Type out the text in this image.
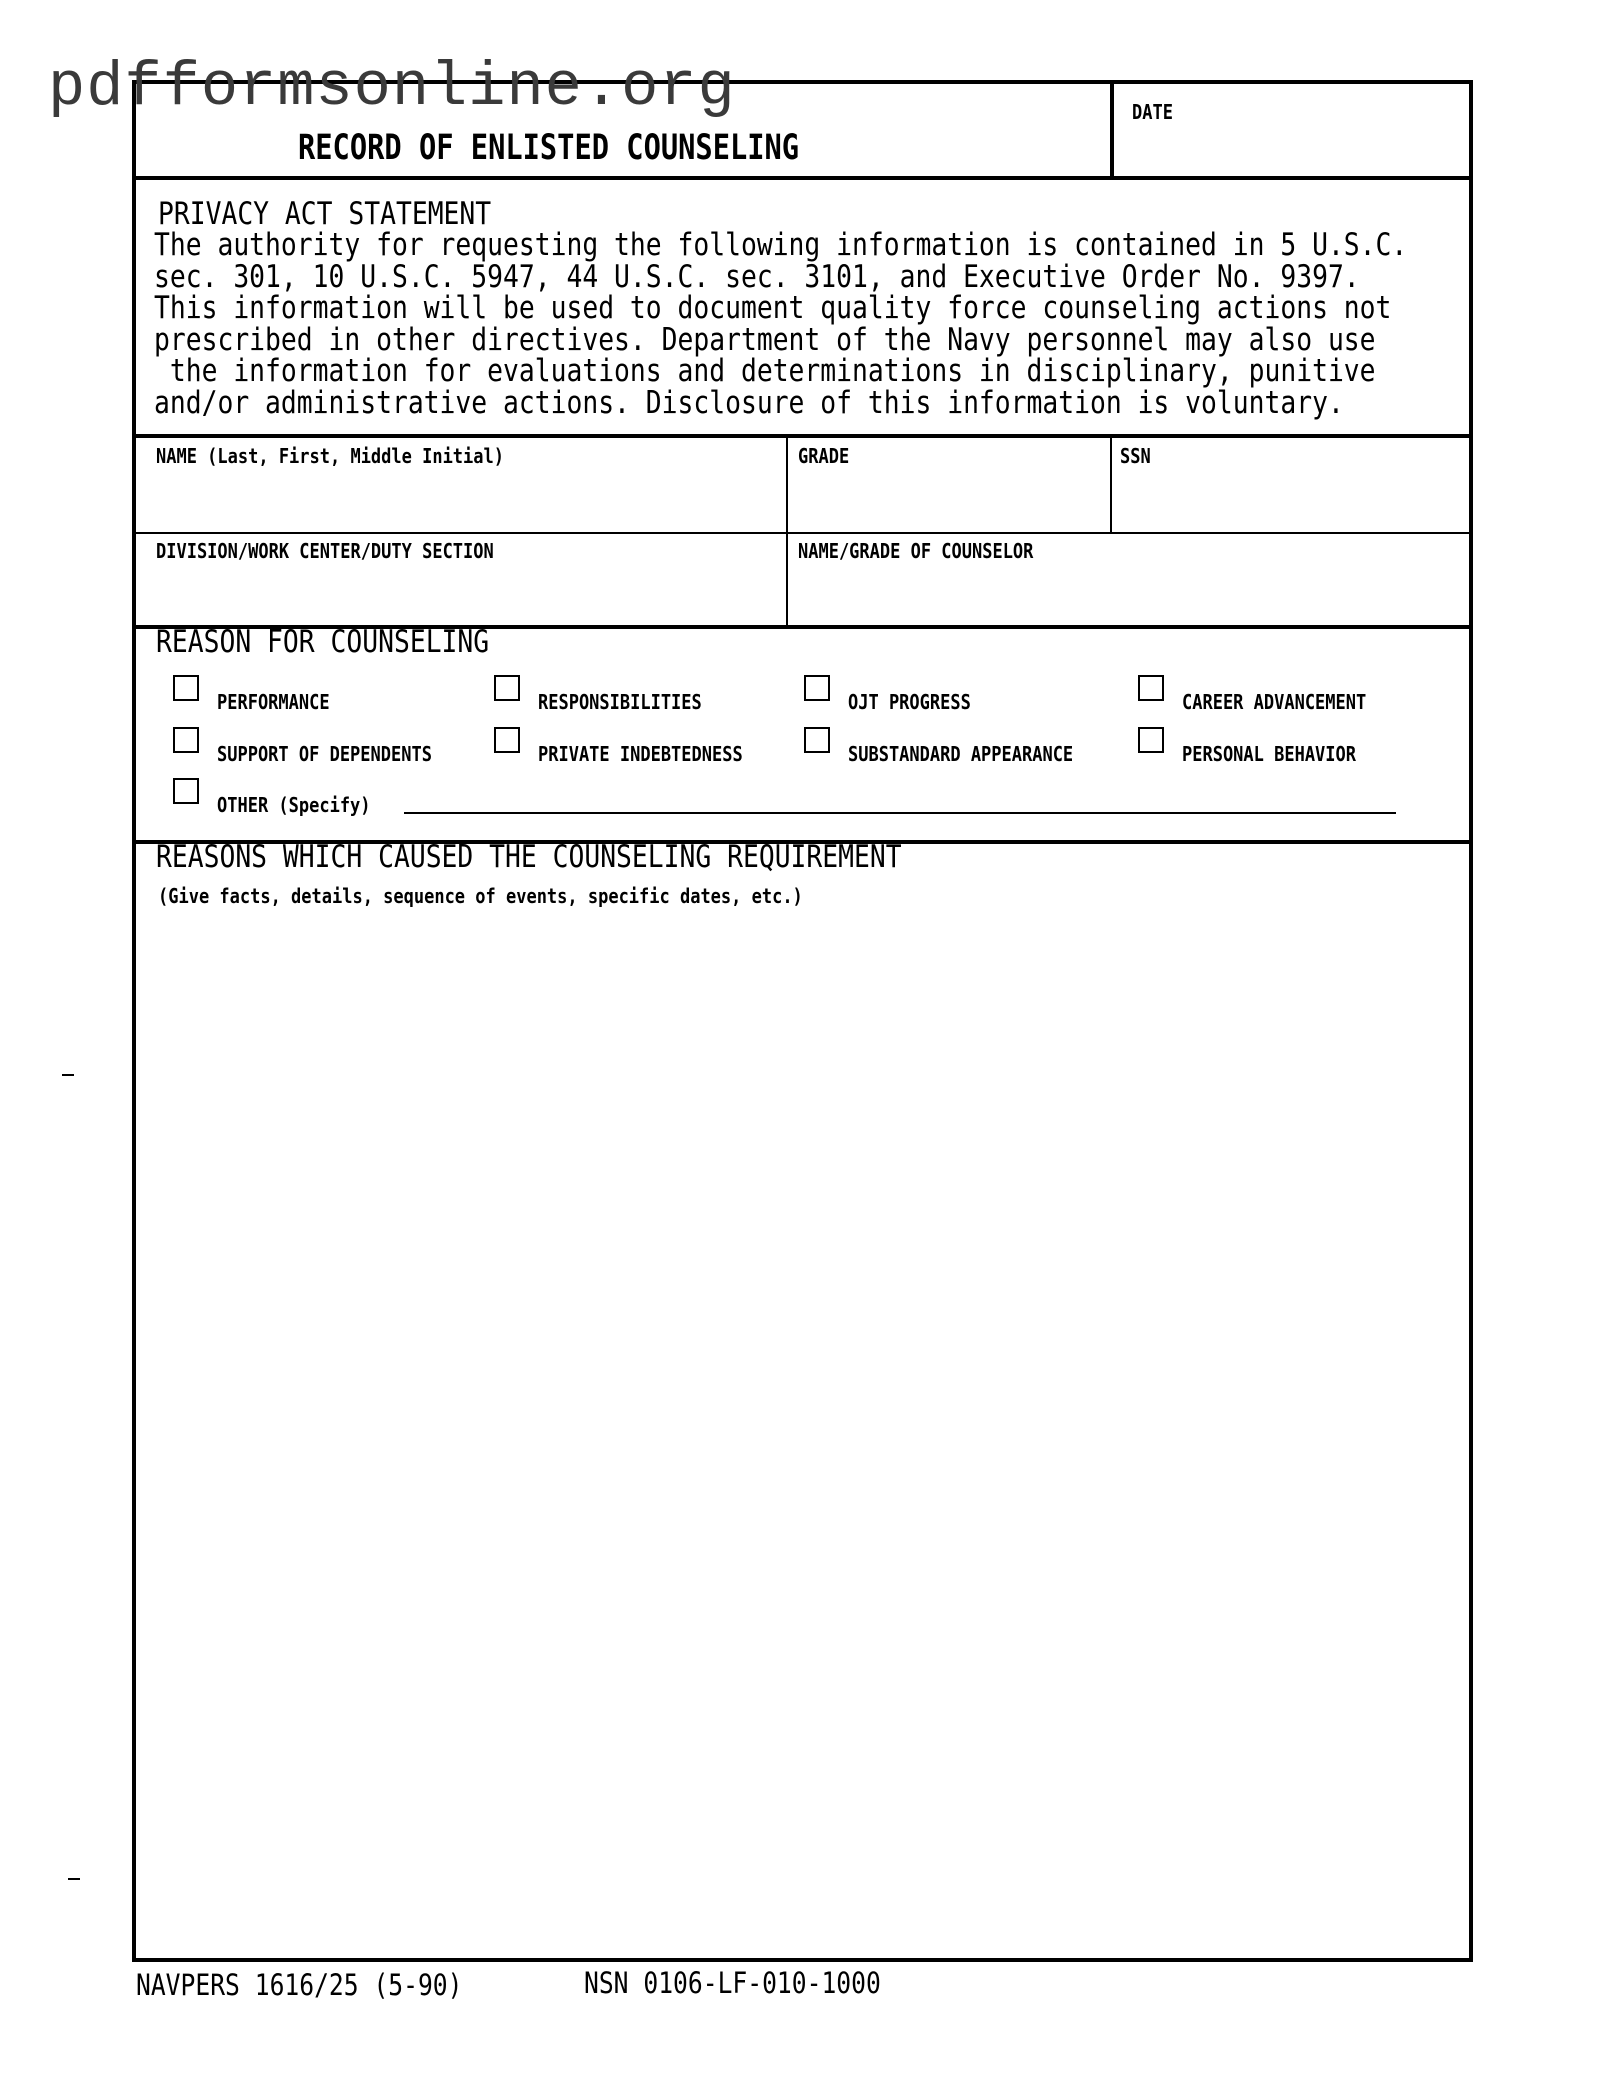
pdfformsonline.org
RECORD OF ENLISTED COUNSELING
DATE
PRIVACY ACT STATEMENT
The authority for requesting the following information is contained in 5 U.S.C.
sec. 301, 10 U.S.C. 5947, 44 U.S.C. sec. 3101, and Executive Order No. 9397.
This information will be used to document quality force counseling actions not
prescribed in other directives. Department of the Navy personnel may also use
the information for evaluations and determinations in disciplinary, punitive
and/or administrative actions. Disclosure of this information is voluntary.
NAME (Last, First, Middle Initial)	GRADE	SSN
DIVISION/WORK CENTER/DUTY SECTION	NAME/GRADE OF COUNSELOR
REASON FOR COUNSELING
PERFORMANCE	RESPONSIBILITIES	OJT PROGRESS	CAREER ADVANCEMENT
SUPPORT OF DEPENDENTS	PRIVATE INDEBTEDNESS	SUBSTANDARD APPEARANCE	PERSONAL BEHAVIOR
OTHER (Specify)
REASONS WHICH CAUSED THE COUNSELING REQUIREMENT
(Give facts, details, sequence of events, specific dates, etc.)
NAVPERS 1616/25 (5-90)	NSN 0106-LF-010-1000
